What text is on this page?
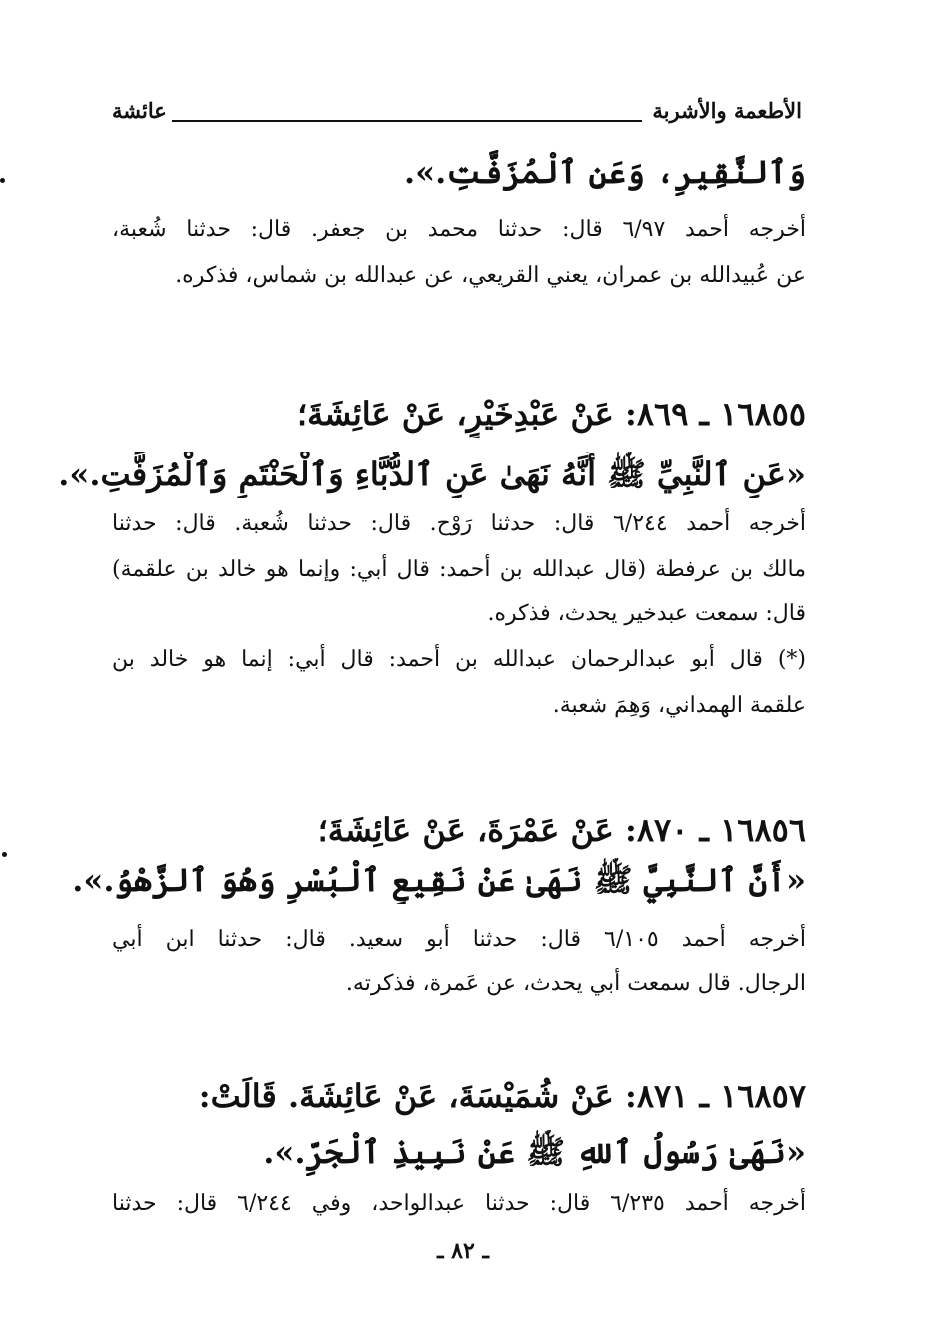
الأطعمة والأشربة
عائشة
وَٱلنَّقِيرِ، وَعَنِ ٱلْمُزَفَّتِ.».
أخرجه أحمد ٦/٩٧ قال: حدثنا محمد بن جعفر. قال: حدثنا شُعبة،
عن عُبيدالله بن عمران، يعني القريعي، عن عبدالله بن شماس، فذكره.
١٦٨٥٥ ـ ٨٦٩: عَنْ عَبْدِخَيْرٍ، عَنْ عَائِشَةَ؛
«عَنِ ٱلنَّبِيِّ ﷺ أَنَّهُ نَهَىٰ عَنِ ٱلدُّبَّاءِ وَٱلْحَنْتَمِ وَٱلْمُزَفَّتِ.».
أخرجه أحمد ٦/٢٤٤ قال: حدثنا رَوْح. قال: حدثنا شُعبة. قال: حدثنا
مالك بن عرفطة (قال عبدالله بن أحمد: قال أبي: وإنما هو خالد بن علقمة)
قال: سمعت عبدخير يحدث، فذكره.
(*) قال أبو عبدالرحمان عبدالله بن أحمد: قال أبي: إنما هو خالد بن
علقمة الهمداني، وَهِمَ شعبة.
١٦٨٥٦ ـ ٨٧٠: عَنْ عَمْرَةَ، عَنْ عَائِشَةَ؛
«أَنَّ ٱلنَّبِيَّ ﷺ نَهَىٰ عَنْ نَقِيعِ ٱلْبُسْرِ وَهُوَ ٱلزَّهْوُ.».
أخرجه أحمد ٦/١٠٥ قال: حدثنا أبو سعيد. قال: حدثنا ابن أبي
الرجال. قال سمعت أبي يحدث، عن عَمرة، فذكرته.
١٦٨٥٧ ـ ٨٧١: عَنْ شُمَيْسَةَ، عَنْ عَائِشَةَ. قَالَتْ:
«نَهَىٰ رَسُولُ ٱللهِ ﷺ عَنْ نَبِيذِ ٱلْجَرِّ.».
أخرجه أحمد ٦/٢٣٥ قال: حدثنا عبدالواحد، وفي ٦/٢٤٤ قال: حدثنا
ـ ٨٢ ـ
